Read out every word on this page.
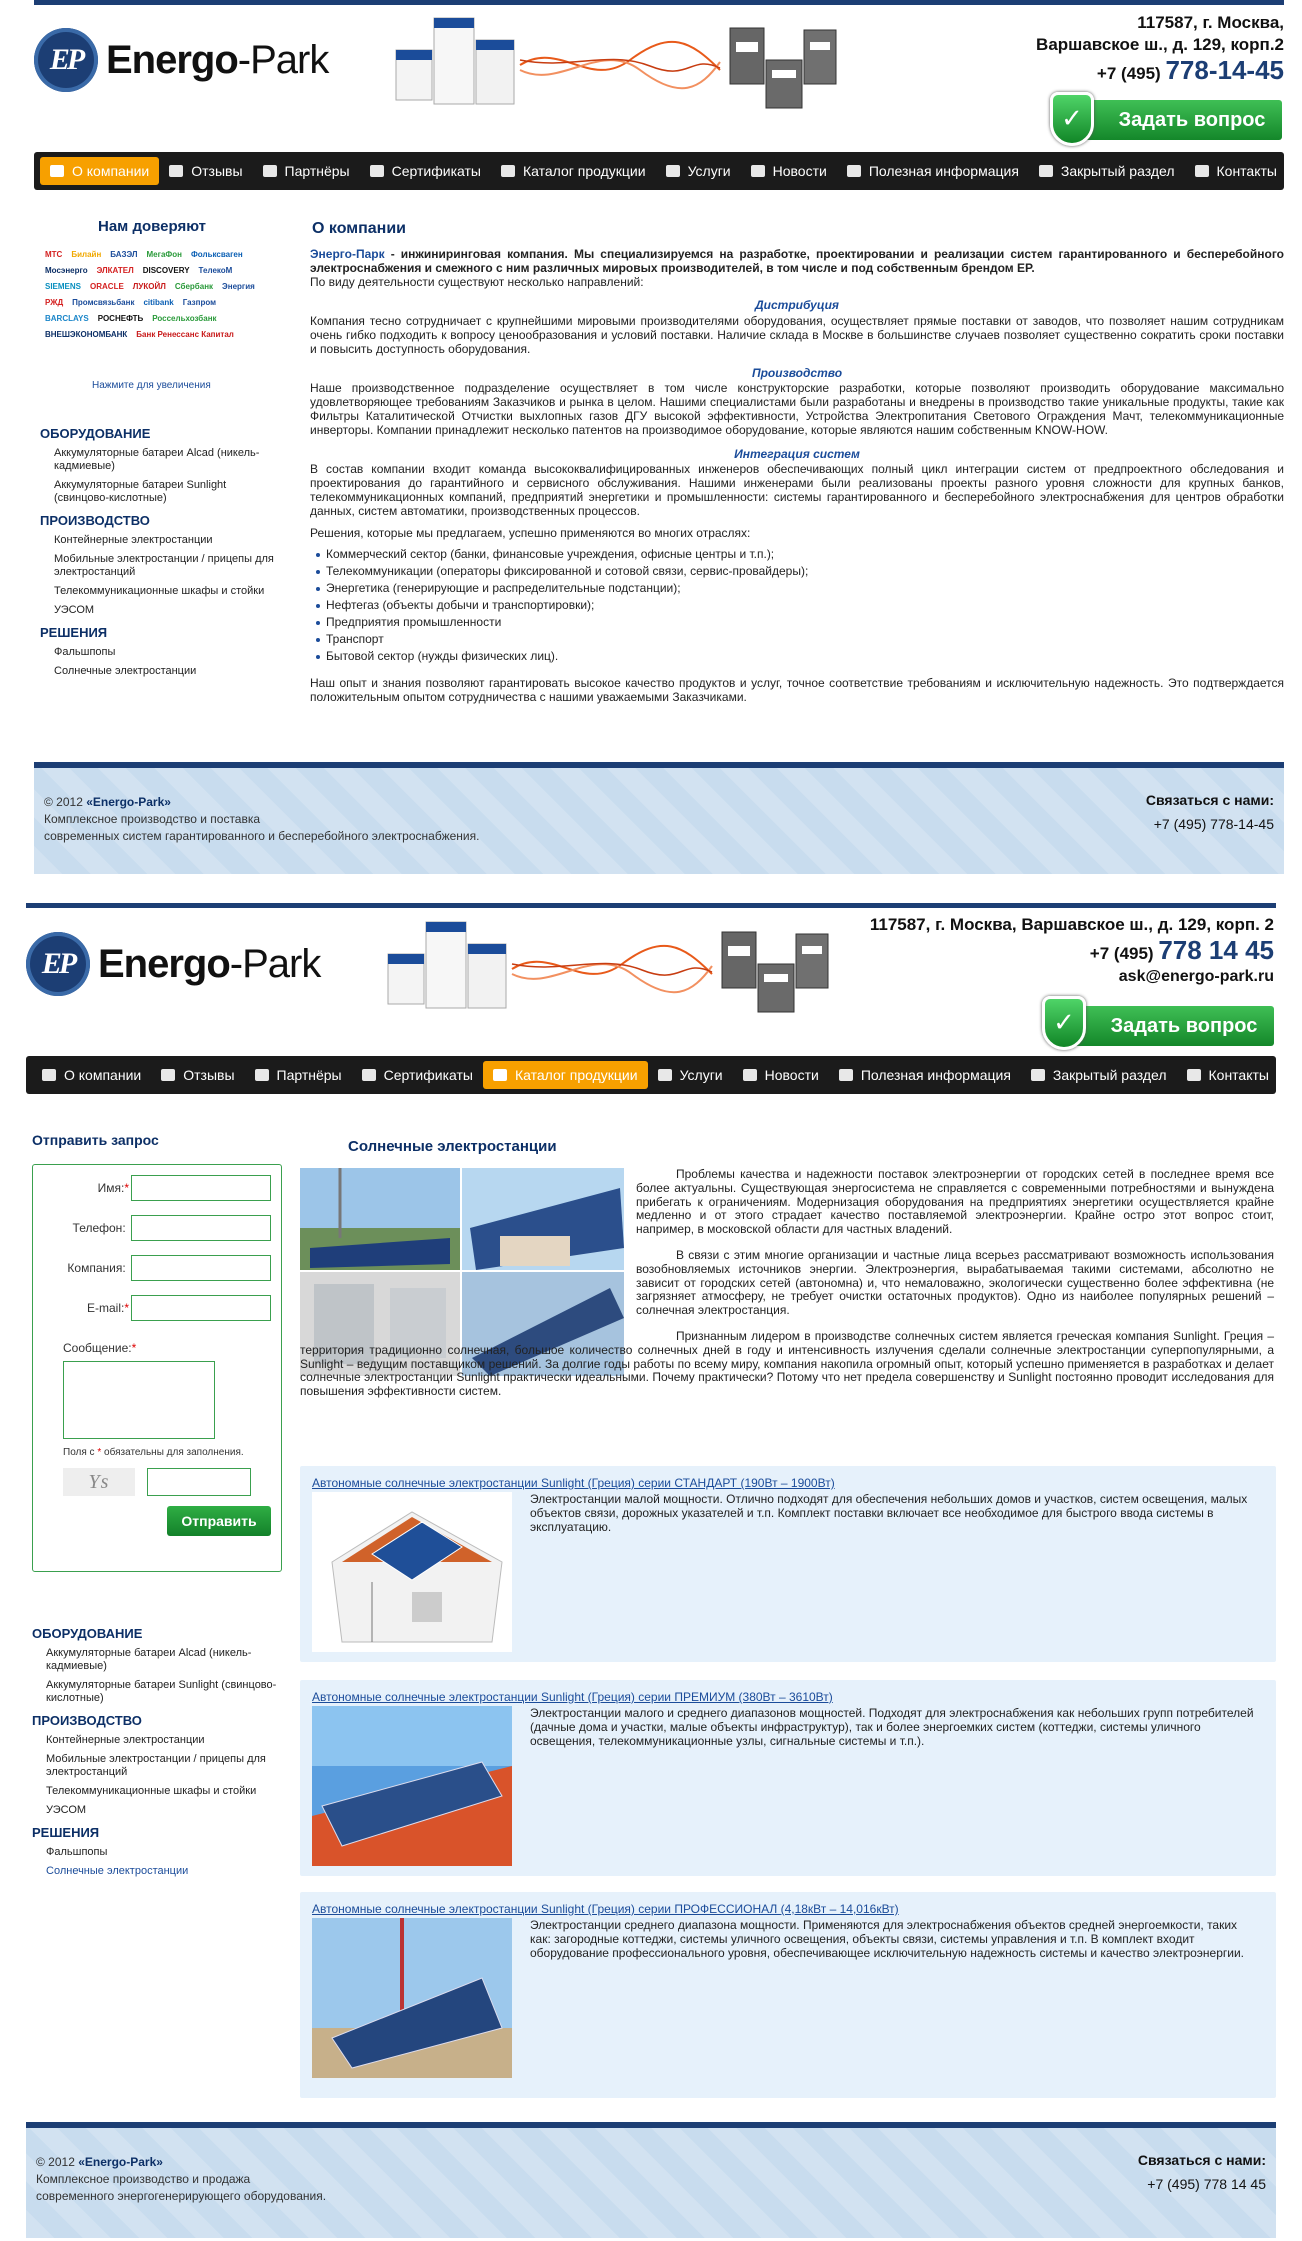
EP Energo-Park
117587, г. Москва,
Варшавское ш., д. 129, корп.2
+7 (495) 778-14-45
Задать вопрос
✓
О компании	Отзывы	Партнёры	Сертификаты	Каталог продукции	Услуги	Новости	Полезная информация	Закрытый раздел	Контакты
Нам доверяют
МТС	Билайн	БАЗЭЛ	МегаФон	Фольксваген
Мосэнерго	ЭЛКАТЕЛ	DISCOVERY	ТелекоМ
SIEMENS	ORACLE	ЛУКОЙЛ	Сбербанк	Энергия
РЖД	Промсвязьбанк	citibank	Газпром
BARCLAYS	РОСНЕФТЬ	Россельхозбанк
ВНЕШЭКОНОМБАНК	Банк Ренессанс Капитал
Нажмите для увеличения
ОБОРУДОВАНИЕ
Аккумуляторные батареи Alcad (никель-кадмиевые)
Аккумуляторные батареи Sunlight (свинцово-кислотные)
ПРОИЗВОДСТВО
Контейнерные электростанции
Мобильные электростанции / прицепы для электростанций
Телекоммуникационные шкафы и стойки
УЭСОМ
РЕШЕНИЯ
Фальшпопы
Солнечные электростанции
О компании

Энерго-Парк - инжиниринговая компания. Мы специализируемся на разработке, проектировании и реализации систем гарантированного и бесперебойного электроснабжения и смежного с ним различных мировых производителей, в том числе и под собственным брендом EP.
По виду деятельности существуют несколько направлений:

Дистрибуция

Компания тесно сотрудничает с крупнейшими мировыми производителями оборудования, осуществляет прямые поставки от заводов, что позволяет нашим сотрудникам очень гибко подходить к вопросу ценообразования и условий поставки. Наличие склада в Москве в большинстве случаев позволяет существенно сократить сроки поставки и повысить доступность оборудования.

Производство

Наше производственное подразделение осуществляет в том числе конструкторские разработки, которые позволяют производить оборудование максимально удовлетворяющее требованиям Заказчиков и рынка в целом. Нашими специалистами были разработаны и внедрены в производство такие уникальные продукты, такие как Фильтры Каталитической Отчистки выхлопных газов ДГУ высокой эффективности, Устройства Электропитания Светового Ограждения Мачт, телекоммуникационные инверторы. Компании принадлежит несколько патентов на производимое оборудование, которые являются нашим собственным KNOW-HOW.

Интеграция систем

В состав компании входит команда высококвалифицированных инженеров обеспечивающих полный цикл интеграции систем от предпроектного обследования и проектирования до гарантийного и сервисного обслуживания. Нашими инженерами были реализованы проекты разного уровня сложности для крупных банков, телекоммуникационных компаний, предприятий энергетики и промышленности: системы гарантированного и бесперебойного электроснабжения для центров обработки данных, систем автоматики, производственных процессов.

Решения, которые мы предлагаем, успешно применяются во многих отраслях:

Коммерческий сектор (банки, финансовые учреждения, офисные центры и т.п.);
Телекоммуникации (операторы фиксированной и сотовой связи, сервис-провайдеры);
Энергетика (генерирующие и распределительные подстанции);
Нефтегаз (объекты добычи и транспортировки);
Предприятия промышленности
Транспорт
Бытовой сектор (нужды физических лиц).

Наш опыт и знания позволяют гарантировать высокое качество продуктов и услуг, точное соответствие требованиям и исключительную надежность. Это подтверждается положительным опытом сотрудничества с нашими уважаемыми Заказчиками.

© 2012 «Energo-Park»
Комплексное производство и поставка
современных систем гарантированного и бесперебойного электроснабжения.
Связаться с нами:
+7 (495) 778-14-45
EP Energo-Park
117587, г. Москва, Варшавское ш., д. 129, корп. 2
+7 (495) 778 14 45
ask@energo-park.ru
Задать вопрос
✓
О компании	Отзывы	Партнёры	Сертификаты	Каталог продукции	Услуги	Новости	Полезная информация	Закрытый раздел	Контакты
Отправить запрос
Имя: *
Телефон:

Компания:

E-mail: *
Сообщение:*
Поля с * обязательны для заполнения.
Ys
Отправить
ОБОРУДОВАНИЕ
Аккумуляторные батареи Alcad (никель-кадмиевые)
Аккумуляторные батареи Sunlight (свинцово-кислотные)
ПРОИЗВОДСТВО
Контейнерные электростанции
Мобильные электростанции / прицепы для электростанций
Телекоммуникационные шкафы и стойки
УЭСОМ
РЕШЕНИЯ
Фальшпопы
Солнечные электростанции
Солнечные электростанции

Проблемы качества и надежности поставок электроэнергии от городских сетей в последнее время все более актуальны. Существующая энергосистема не справляется с современными потребностями и вынуждена прибегать к ограничениям. Модернизация оборудования на предприятиях энергетики осуществляется крайне медленно и от этого страдает качество поставляемой электроэнергии. Крайне остро этот вопрос стоит, например, в московской области для частных владений.

В связи с этим многие организации и частные лица всерьез рассматривают возможность использования возобновляемых источников энергии. Электроэнергия, вырабатываемая такими системами, абсолютно не зависит от городских сетей (автономна) и, что немаловажно, экологически существенно более эффективна (не загрязняет атмосферу, не требует очистки остаточных продуктов). Одно из наиболее популярных решений – солнечная электростанция.

Признанным лидером в производстве солнечных систем является греческая компания Sunlight. Греция – территория традиционно солнечная, большое количество солнечных дней в году и интенсивность излучения сделали солнечные электростанции суперпопулярными, а Sunlight – ведущим поставщиком решений. За долгие годы работы по всему миру, компания накопила огромный опыт, который успешно применяется в разработках и делает солнечные электростанции Sunlight практически идеальными. Почему практически? Потому что нет предела совершенству и Sunlight постоянно проводит исследования для повышения эффективности систем.

Автономные солнечные электростанции Sunlight (Греция) серии СТАНДАРТ (190Вт – 1900Вт)
Электростанции малой мощности. Отлично подходят для обеспечения небольших домов и участков, систем освещения, малых объектов связи, дорожных указателей и т.п. Комплект поставки включает все необходимое для быстрого ввода системы в эксплуатацию.
Автономные солнечные электростанции Sunlight (Греция) серии ПРЕМИУМ (380Вт – 3610Вт)
Электростанции малого и среднего диапазонов мощностей. Подходят для электроснабжения как небольших групп потребителей (дачные дома и участки, малые объекты инфраструктур), так и более энергоемких систем (коттеджи, системы уличного освещения, телекоммуникационные узлы, сигнальные системы и т.п.).
Автономные солнечные электростанции Sunlight (Греция) серии ПРОФЕССИОНАЛ (4,18кВт – 14,016кВт)
Электростанции среднего диапазона мощности. Применяются для электроснабжения объектов средней энергоемкости, таких как: загородные коттеджи, системы уличного освещения, объекты связи, системы управления и т.п. В комплект входит оборудование профессионального уровня, обеспечивающее исключительную надежность системы и качество электроэнергии.
© 2012 «Energo-Park»
Комплексное производство и продажа
современного энергогенерирующего оборудования.
Связаться с нами:
+7 (495) 778 14 45
